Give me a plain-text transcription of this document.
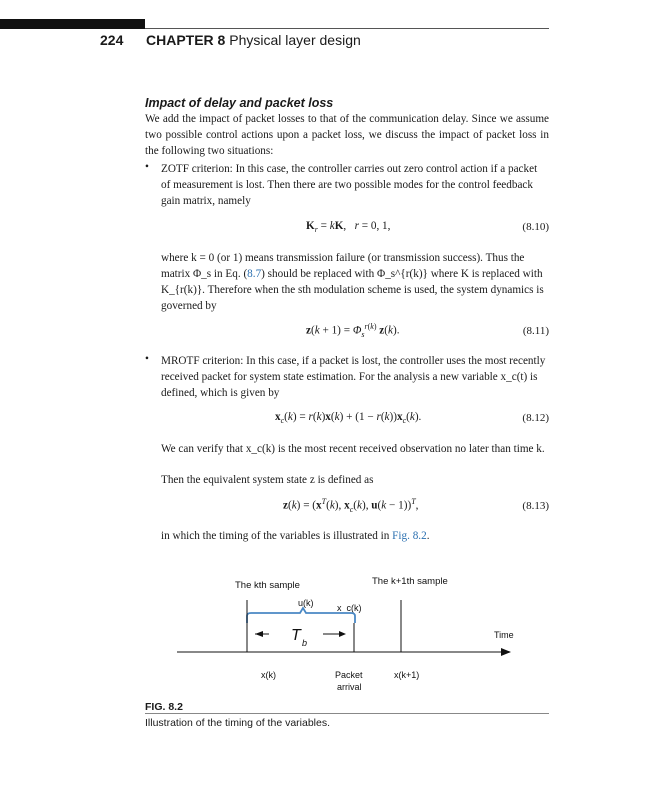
224 CHAPTER 8 Physical layer design
Impact of delay and packet loss
We add the impact of packet losses to that of the communication delay. Since we assume two possible control actions upon a packet loss, we discuss the impact of packet loss in the following two situations:
• ZOTF criterion: In this case, the controller carries out zero control action if a packet of measurement is lost. Then there are two possible modes for the control feedback gain matrix, namely
$K_r$ = kK,   r = 0, 1,	(8.10)
where k = 0 (or 1) means transmission failure (or transmission success). Thus the matrix Φ_s in Eq. (8.7) should be replaced with Φ_s^{r(k)} where K is replaced with K_{r(k)}. Therefore when the sth modulation scheme is used, the system dynamics is governed by
$z(k + 1) = \Phi_s^{r(k)}$ z(k).	(8.11)
• MROTF criterion: In this case, if a packet is lost, the controller uses the most recently received packet for system state estimation. For the analysis a new variable x_c(t) is defined, which is given by
$x_c(k) = r(k)x(k) + (1 - r(k))x_c(k)$.	(8.12)
We can verify that x_c(k) is the most recent received observation no later than time k.
Then the equivalent system state z is defined as
$z(k) = (x^T(k)$, $x_c(k)$, u(k − 1))$^T$,	(8.13)
in which the timing of the variables is illustrated in Fig. 8.2.
The kth sample	The k+1th sample
u(k)	x_c(k)
T b
Time
x(k)	Packet
arrival
x(k+1)
FIG. 8.2
Illustration of the timing of the variables.
